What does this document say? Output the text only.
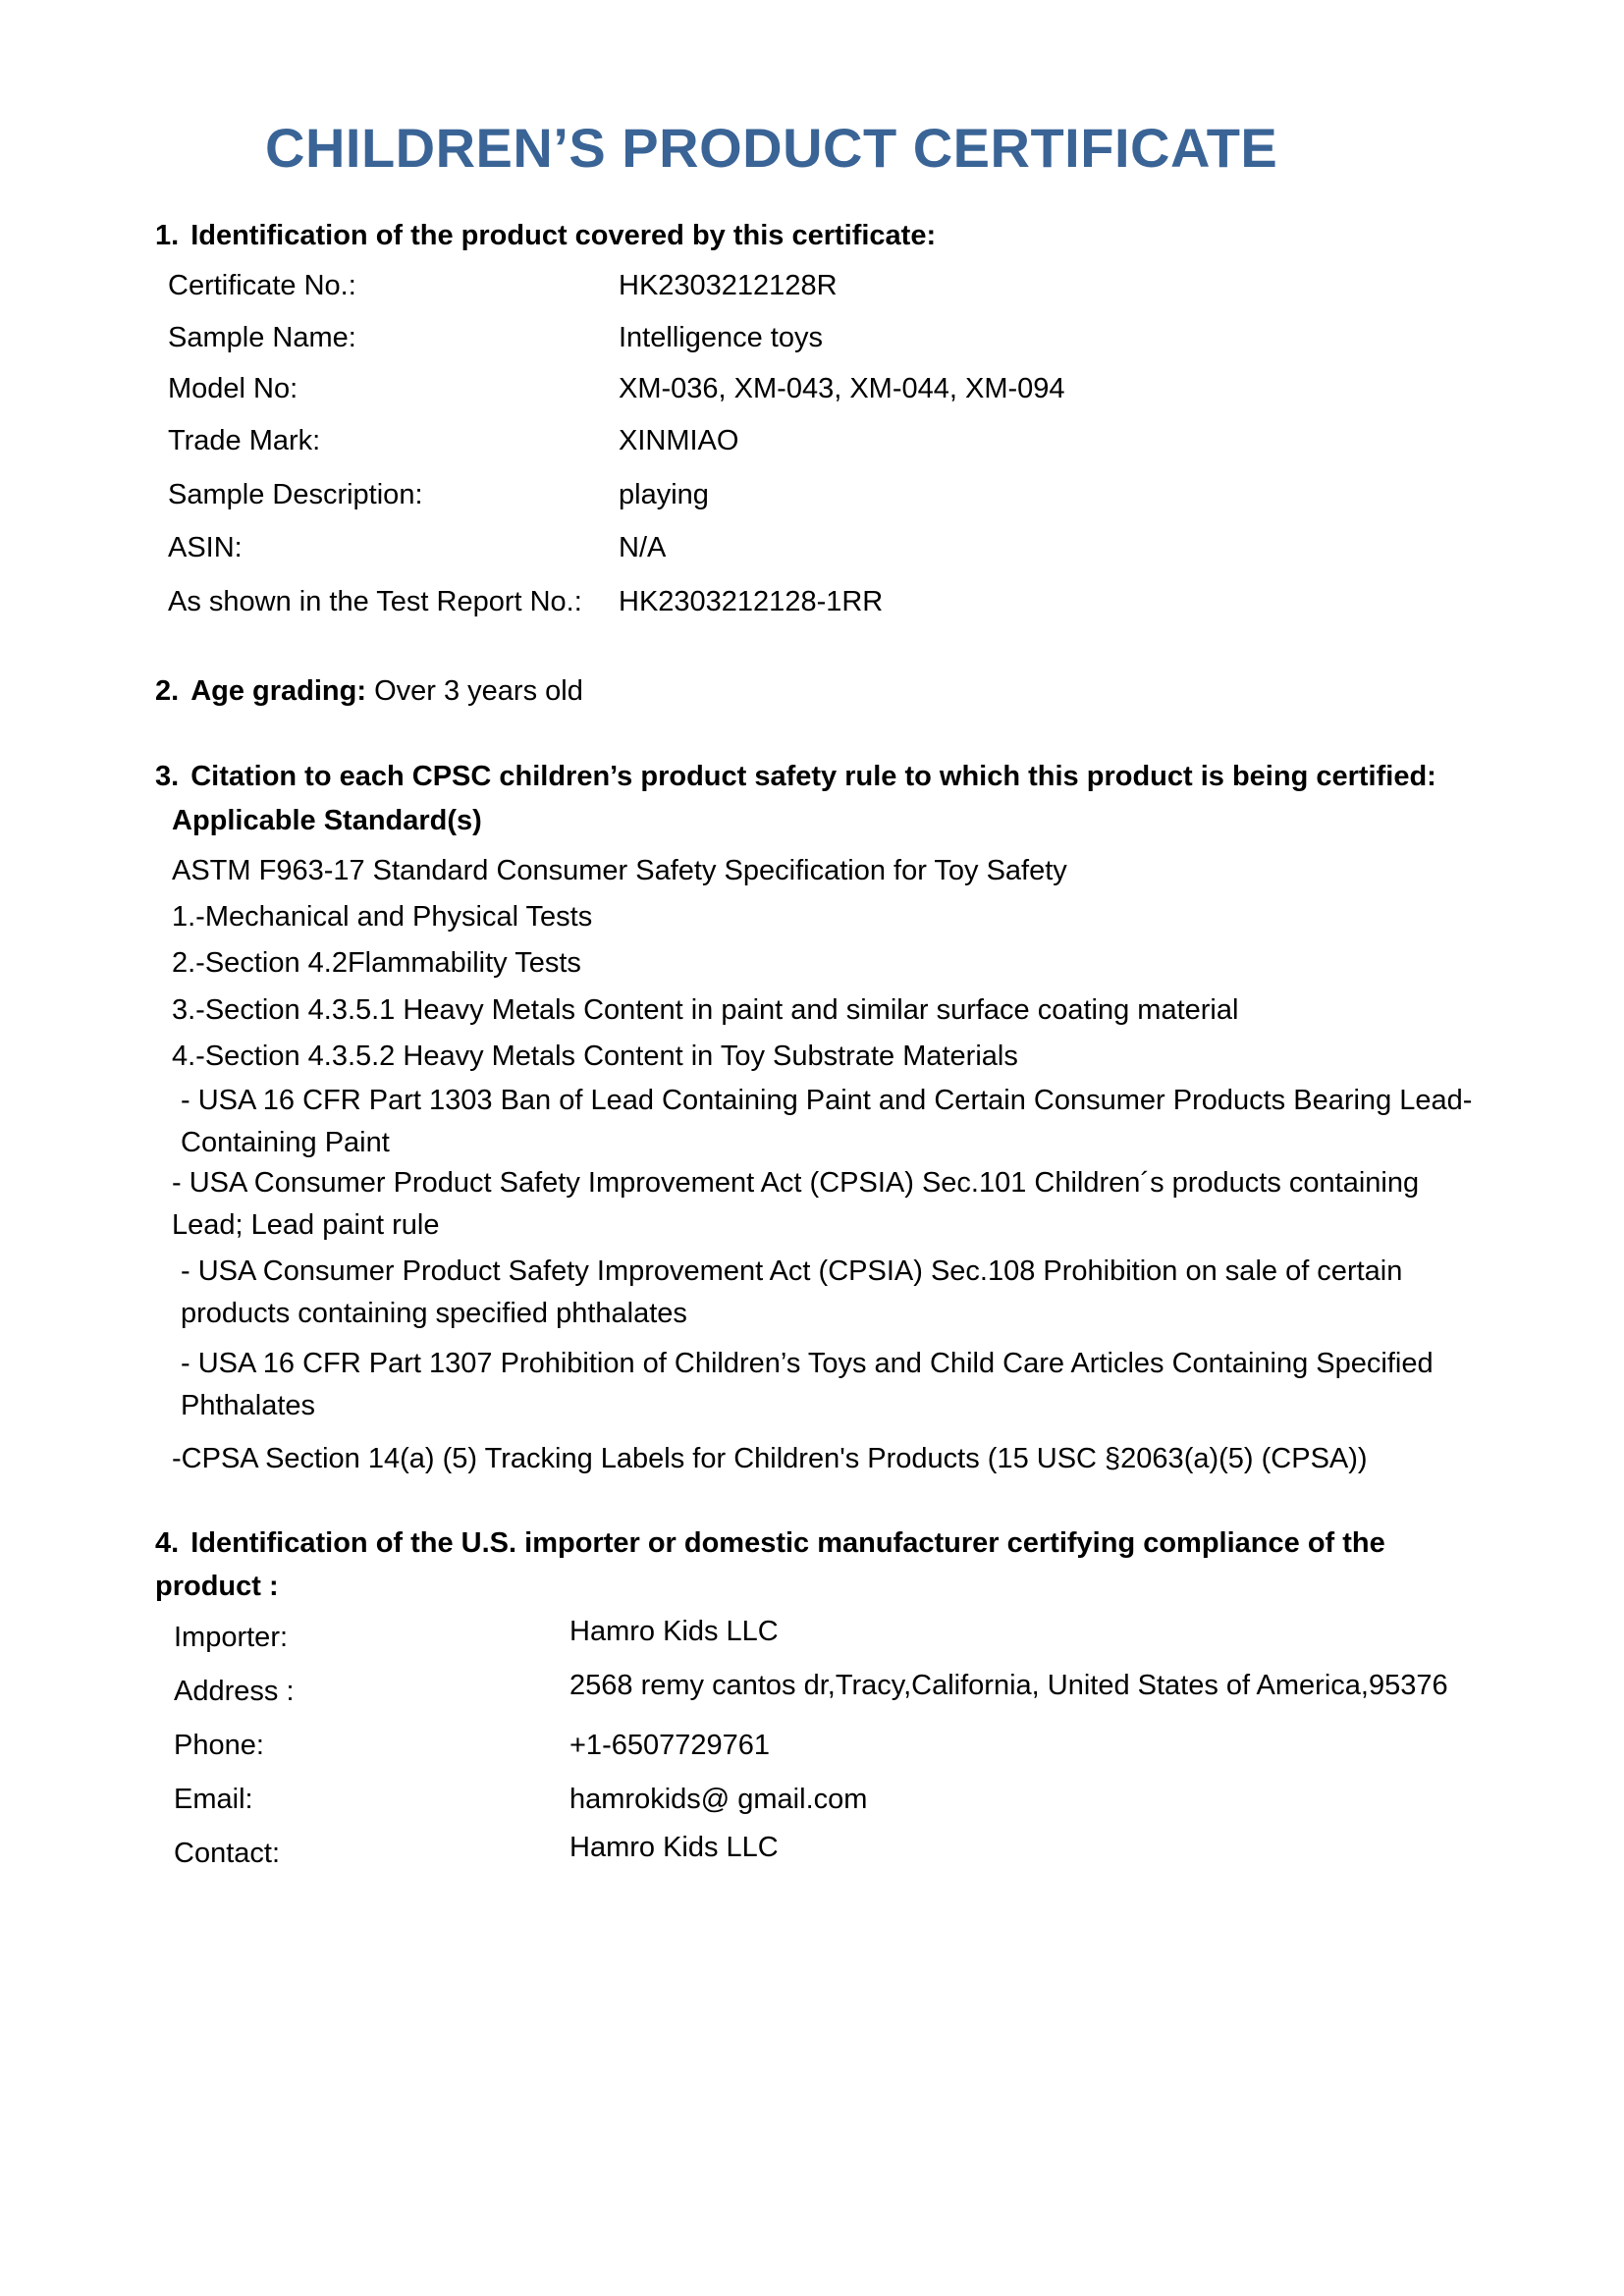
CHILDREN’S PRODUCT CERTIFICATE
1. Identification of the product covered by this certificate:
Certificate No.:	HK2303212128R
Sample Name:	Intelligence toys
Model No:	XM-036, XM-043, XM-044, XM-094
Trade Mark:	XINMIAO
Sample Description:	playing
ASIN:	N/A
As shown in the Test Report No.: HK2303212128-1RR
2. Age grading: Over 3 years old
3. Citation to each CPSC children’s product safety rule to which this product is being certified:
Applicable Standard(s)
ASTM F963-17 Standard Consumer Safety Specification for Toy Safety
1.-Mechanical and Physical Tests
2.-Section 4.2Flammability Tests
3.-Section 4.3.5.1 Heavy Metals Content in paint and similar surface coating material
4.-Section 4.3.5.2 Heavy Metals Content in Toy Substrate Materials
- USA 16 CFR Part 1303 Ban of Lead Containing Paint and Certain Consumer Products Bearing Lead- Containing Paint
- USA Consumer Product Safety Improvement Act (CPSIA) Sec.101 Children´s products containing Lead; Lead paint rule
- USA Consumer Product Safety Improvement Act (CPSIA) Sec.108 Prohibition on sale of certain products containing specified phthalates
- USA 16 CFR Part 1307 Prohibition of Children’s Toys and Child Care Articles Containing Specified Phthalates
-CPSA Section 14(a) (5) Tracking Labels for Children's Products (15 USC §2063(a)(5) (CPSA))
4. Identification of the U.S. importer or domestic manufacturer certifying compliance of the
product :
Importer:	Hamro Kids LLC
Address :	2568 remy cantos dr,Tracy,California, United States of America,95376
Phone:	+1-6507729761
Email:	hamrokids@ gmail.com
Contact:	Hamro Kids LLC
